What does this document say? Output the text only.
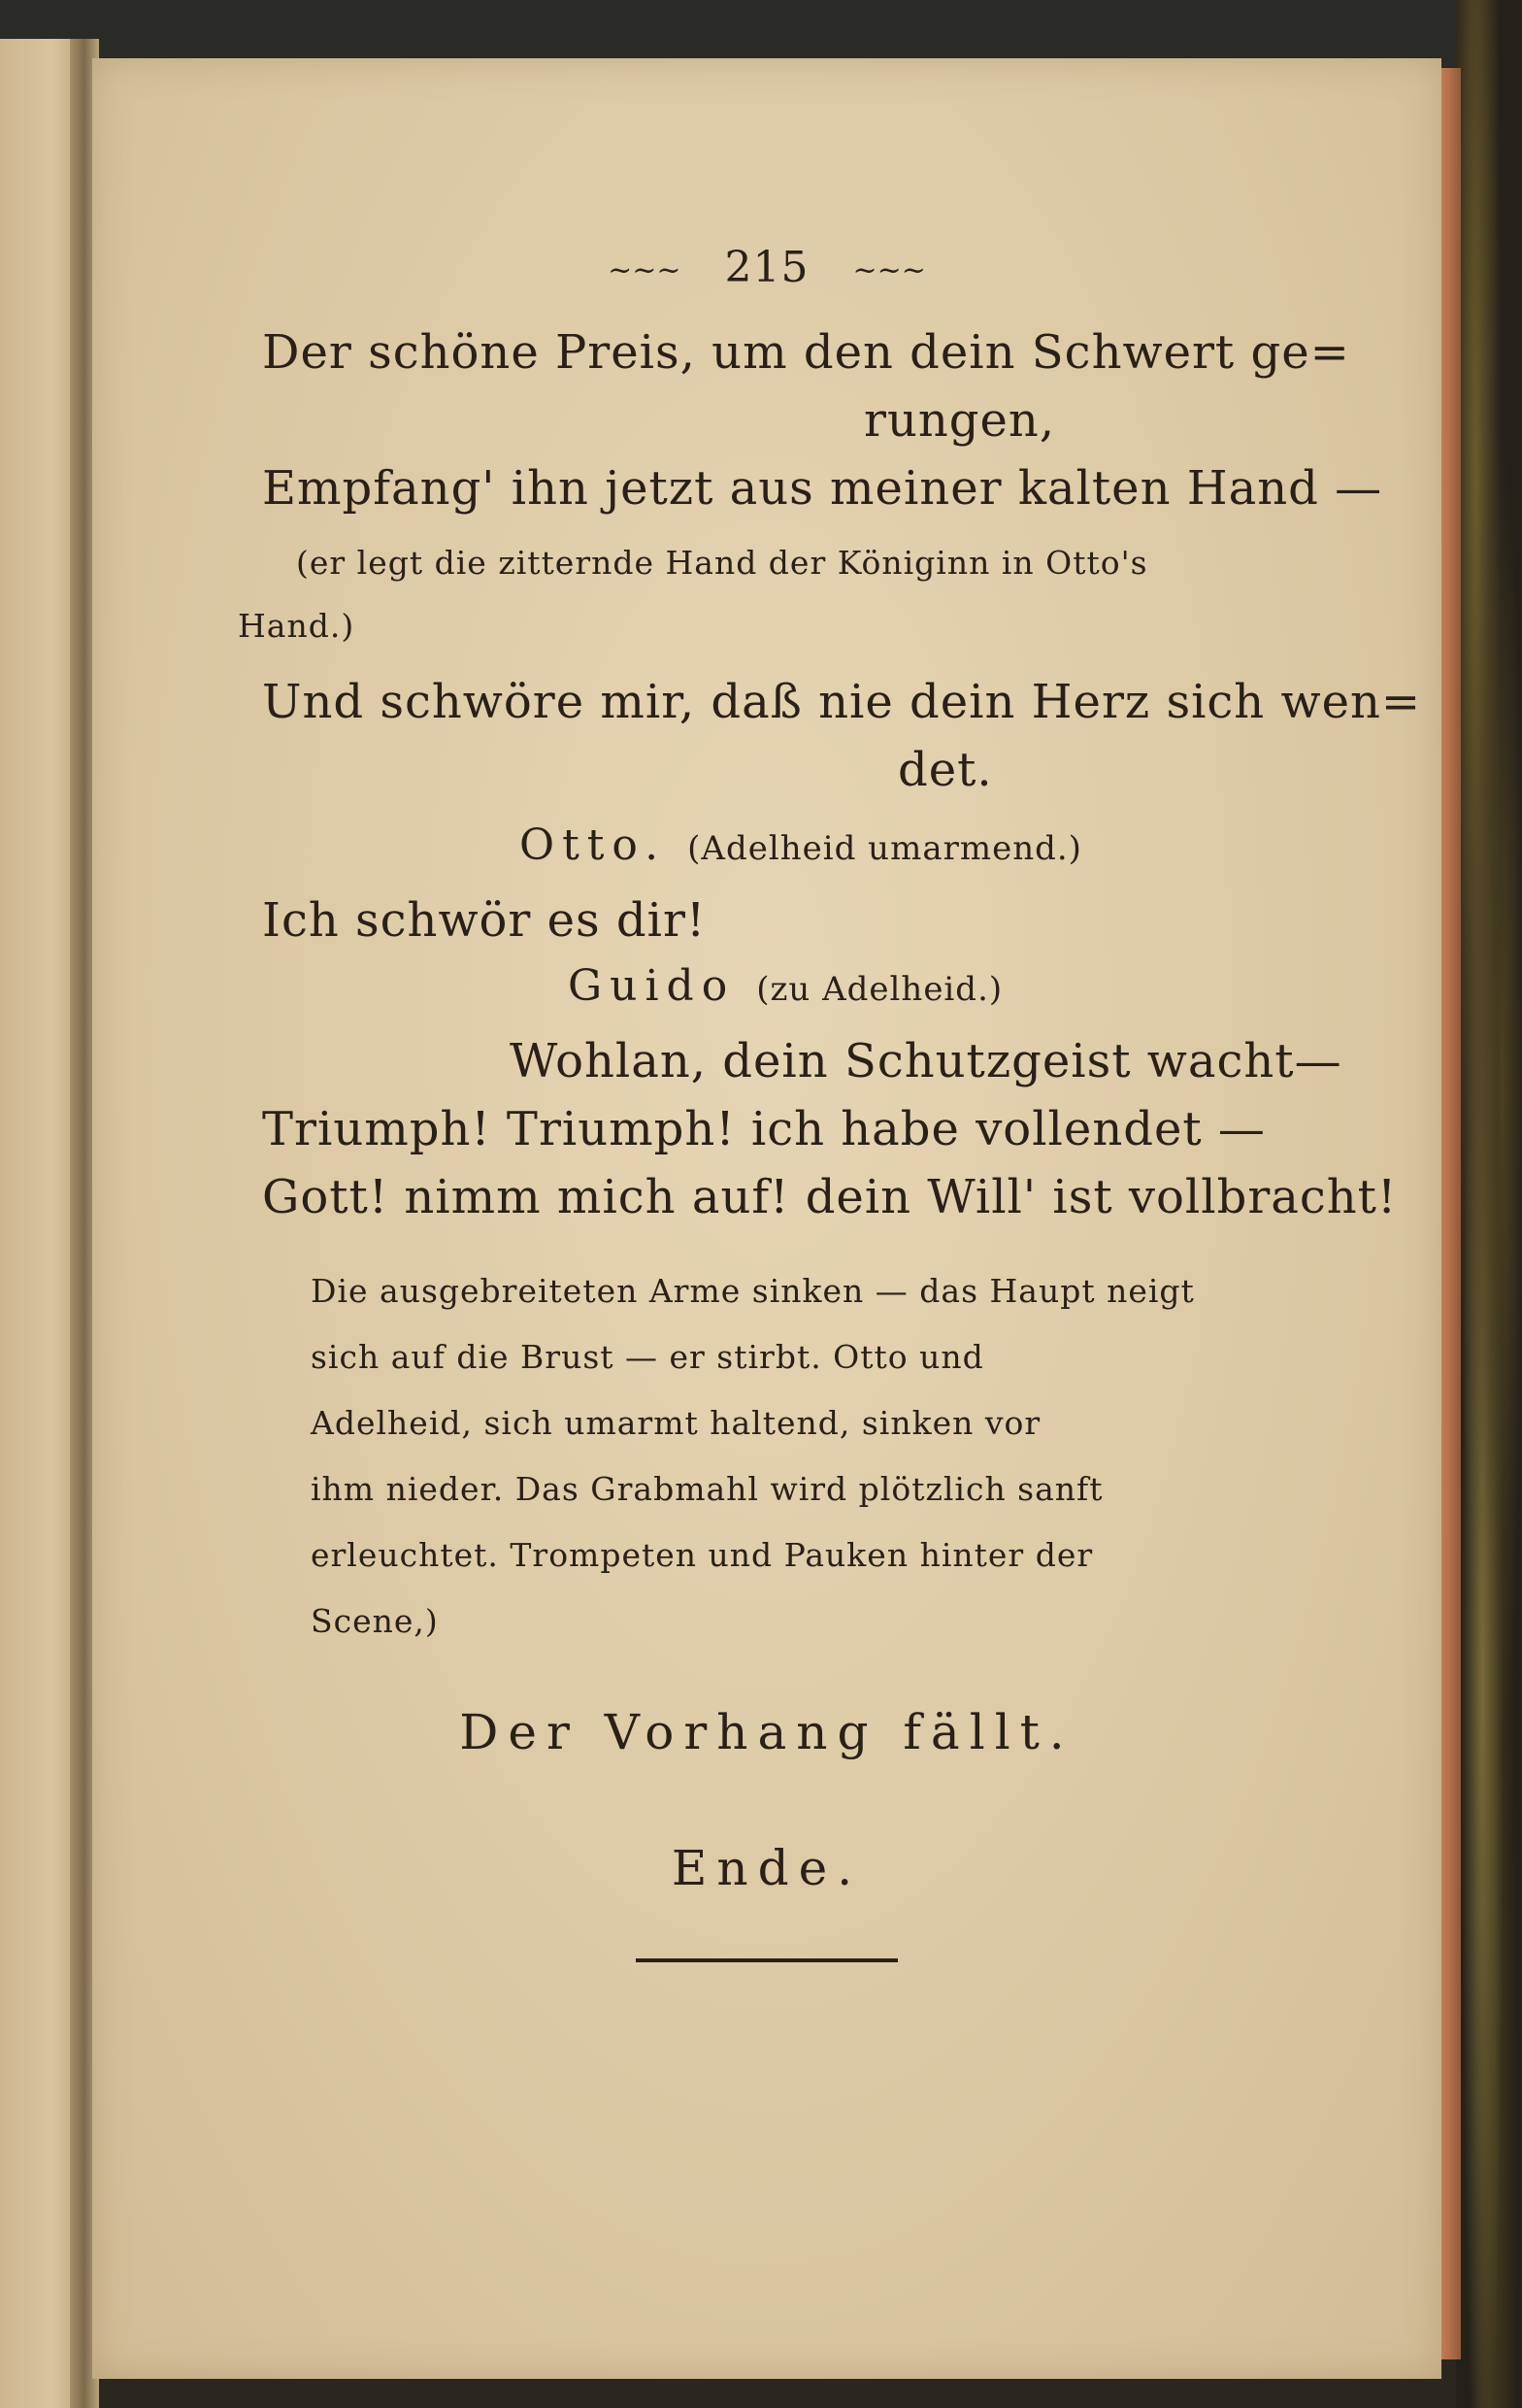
~~~ 215 ~~~
Der schöne Preis, um den dein Schwert ge=
rungen,
Empfang' ihn jetzt aus meiner kalten Hand —
(er legt die zitternde Hand der Königinn in Otto's
Hand.)
Und schwöre mir, daß nie dein Herz sich wen=
det.
Otto. (Adelheid umarmend.)
Ich schwör es dir!
Guido (zu Adelheid.)
Wohlan, dein Schutzgeist wacht—
Triumph! Triumph! ich habe vollendet —
Gott! nimm mich auf! dein Will' ist vollbracht!
Die ausgebreiteten Arme sinken — das Haupt neigt
sich auf die Brust — er stirbt. Otto und
Adelheid, sich umarmt haltend, sinken vor
ihm nieder. Das Grabmahl wird plötzlich sanft
erleuchtet. Trompeten und Pauken hinter der
Scene,)
Der Vorhang fällt.
Ende.
